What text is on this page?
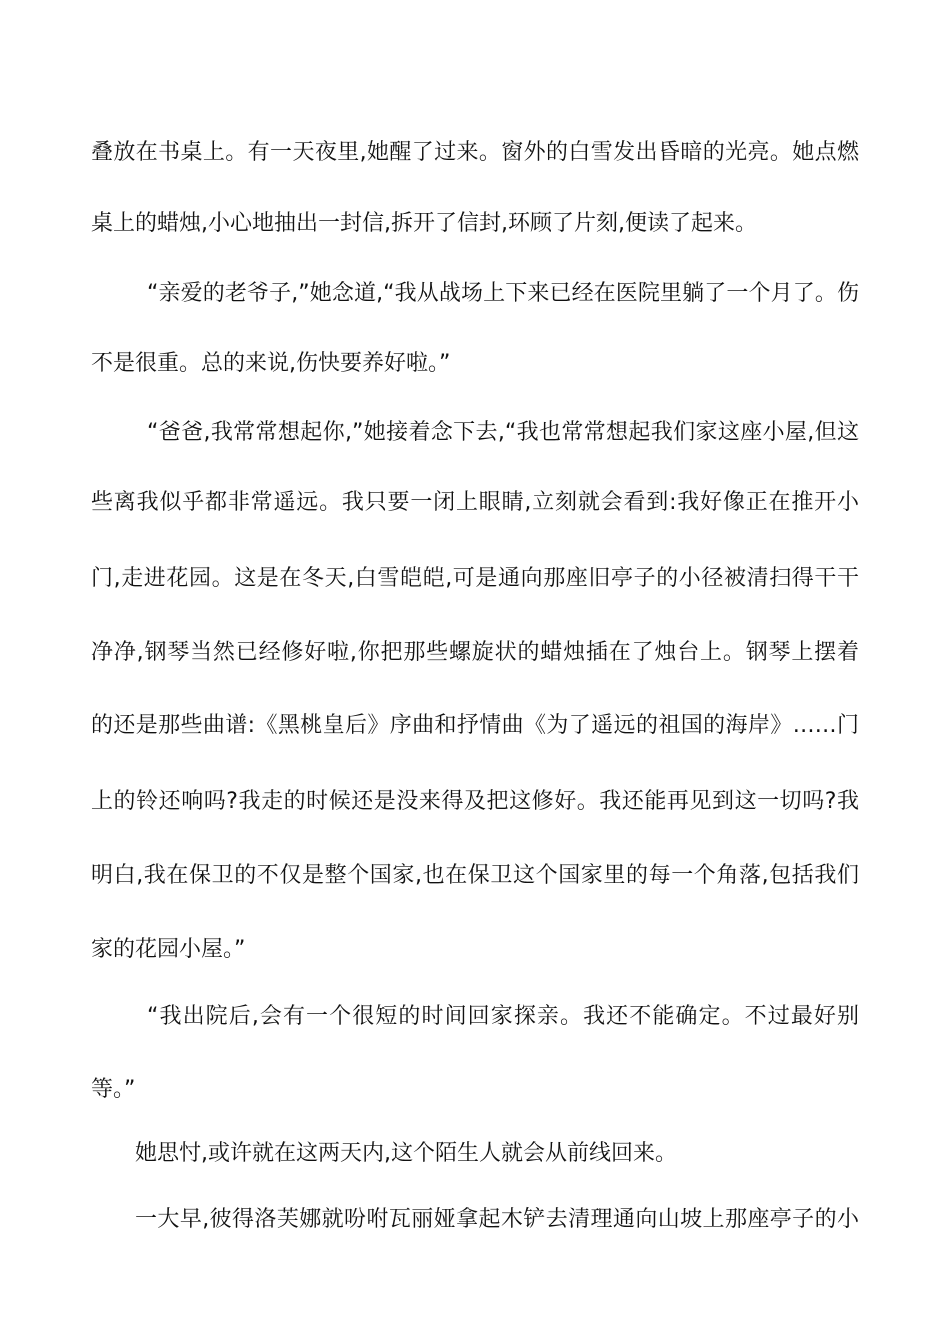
叠放在书桌上。有一天夜里,她醒了过来。窗外的白雪发出昏暗的光亮。她点燃
桌上的蜡烛,小心地抽出一封信,拆开了信封,环顾了片刻,便读了起来。
“亲爱的老爷子,”她念道,“我从战场上下来已经在医院里躺了一个月了。伤
不是很重。总的来说,伤快要养好啦。”
“爸爸,我常常想起你,”她接着念下去,“我也常常想起我们家这座小屋,但这
些离我似乎都非常遥远。我只要一闭上眼睛,立刻就会看到:我好像正在推开小
门,走进花园。这是在冬天,白雪皑皑,可是通向那座旧亭子的小径被清扫得干干
净净,钢琴当然已经修好啦,你把那些螺旋状的蜡烛插在了烛台上。钢琴上摆着
的还是那些曲谱:《黑桃皇后》序曲和抒情曲《为了遥远的祖国的海岸》……门
上的铃还响吗?我走的时候还是没来得及把这修好。我还能再见到这一切吗?我
明白,我在保卫的不仅是整个国家,也在保卫这个国家里的每一个角落,包括我们
家的花园小屋。”
“我出院后,会有一个很短的时间回家探亲。我还不能确定。不过最好别
等。”
她思忖,或许就在这两天内,这个陌生人就会从前线回来。
一大早,彼得洛芙娜就吩咐瓦丽娅拿起木铲去清理通向山坡上那座亭子的小
